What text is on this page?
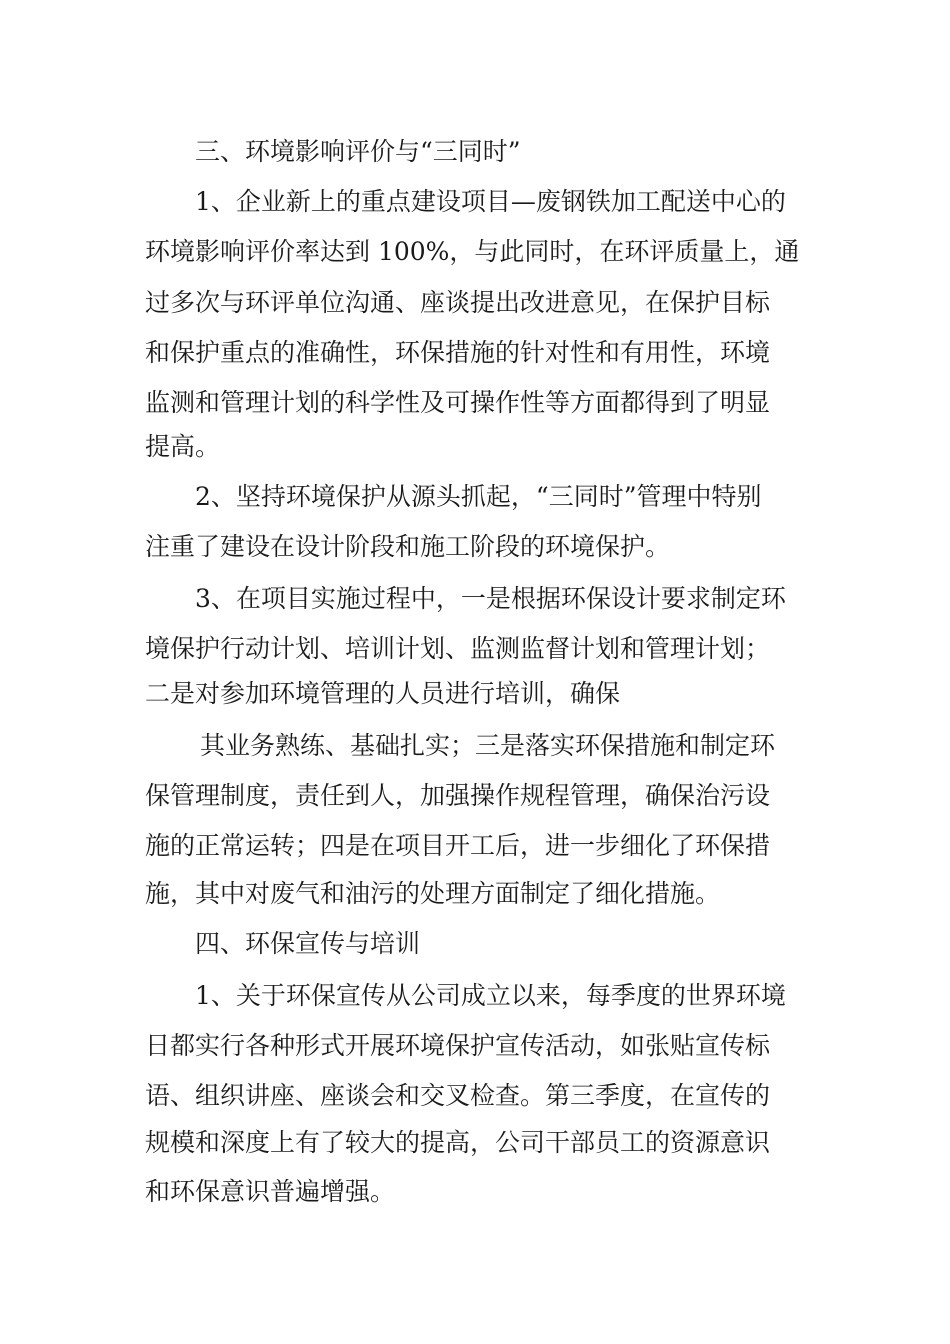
三、环境影响评价与“三同时”

1、企业新上的重点建设项目—废钢铁加工配送中心的

环境影响评价率达到 100%，与此同时，在环评质量上，通

过多次与环评单位沟通、座谈提出改进意见，在保护目标

和保护重点的准确性，环保措施的针对性和有用性，环境

监测和管理计划的科学性及可操作性等方面都得到了明显

提高。

2、坚持环境保护从源头抓起，“三同时”管理中特别

注重了建设在设计阶段和施工阶段的环境保护。

3、在项目实施过程中，一是根据环保设计要求制定环

境保护行动计划、培训计划、监测监督计划和管理计划；

二是对参加环境管理的人员进行培训，确保

其业务熟练、基础扎实；三是落实环保措施和制定环

保管理制度，责任到人，加强操作规程管理，确保治污设

施的正常运转；四是在项目开工后，进一步细化了环保措

施，其中对废气和油污的处理方面制定了细化措施。

四、环保宣传与培训

1、关于环保宣传从公司成立以来，每季度的世界环境

日都实行各种形式开展环境保护宣传活动，如张贴宣传标

语、组织讲座、座谈会和交叉检查。第三季度，在宣传的

规模和深度上有了较大的提高，公司干部员工的资源意识

和环保意识普遍增强。
